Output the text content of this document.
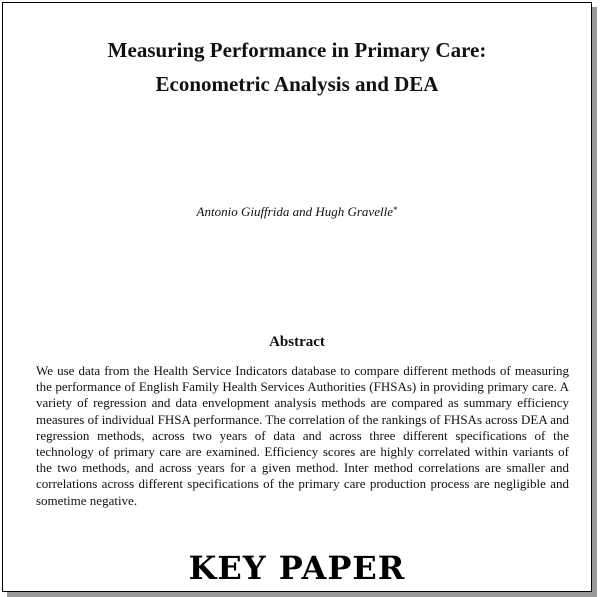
Measuring Performance in Primary Care:
Econometric Analysis and DEA
Antonio Giuffrida and Hugh Gravelle*
Abstract

We use data from the Health Service Indicators database to compare different methods of measuring the performance of English Family Health Services Authorities (FHSAs) in providing primary care. A variety of regression and data envelopment analysis methods are compared as summary efficiency measures of individual FHSA performance. The correlation of the rankings of FHSAs across DEA and regression methods, across two years of data and across three different specifications of the technology of primary care are examined. Efficiency scores are highly correlated within variants of the two methods, and across years for a given method. Inter method correlations are smaller and correlations across different specifications of the primary care production process are negligible and sometime negative.

KEY PAPER
